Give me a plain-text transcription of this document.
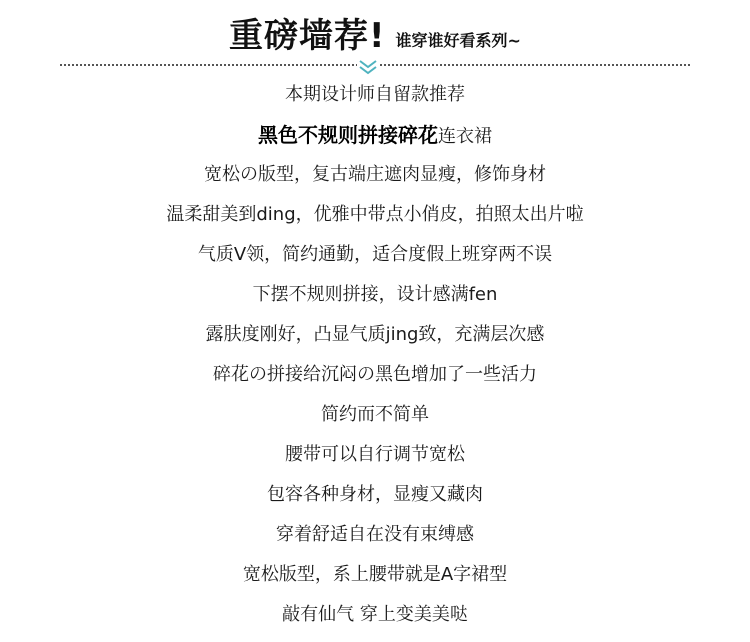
重磅墙荐! 谁穿谁好看系列~
本期设计师自留款推荐
黑色不规则拼接碎花连衣裙
宽松の版型，复古端庄遮肉显瘦，修饰身材
温柔甜美到ding，优雅中带点小俏皮，拍照太出片啦
气质V领，简约通勤，适合度假上班穿两不误
下摆不规则拼接，设计感满fen
露肤度刚好，凸显气质jing致，充满层次感
碎花の拼接给沉闷の黑色增加了一些活力
简约而不简单
腰带可以自行调节宽松
包容各种身材，显瘦又藏肉
穿着舒适自在没有束缚感
宽松版型，系上腰带就是A字裙型
敲有仙气 穿上变美美哒
